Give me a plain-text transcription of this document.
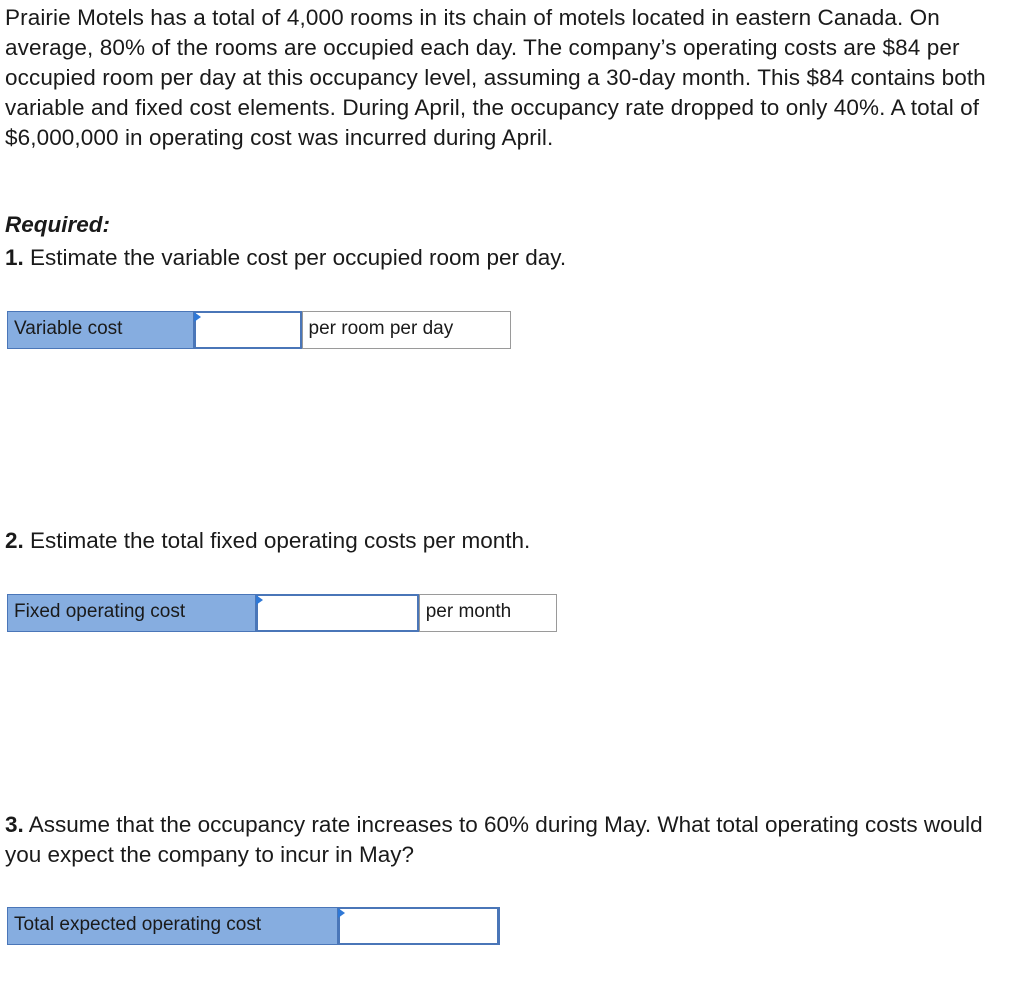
Prairie Motels has a total of 4,000 rooms in its chain of motels located in eastern Canada. On average, 80% of the rooms are occupied each day. The company’s operating costs are $84 per occupied room per day at this occupancy level, assuming a 30-day month. This $84 contains both variable and fixed cost elements. During April, the occupancy rate dropped to only 40%. A total of $6,000,000 in operating cost was incurred during April.

Required:

1. Estimate the variable cost per occupied room per day.

Variable cost	per room per day

2. Estimate the total fixed operating costs per month.

Fixed operating cost	per month

3. Assume that the occupancy rate increases to 60% during May. What total operating costs would you expect the company to incur in May?

Total expected operating cost
